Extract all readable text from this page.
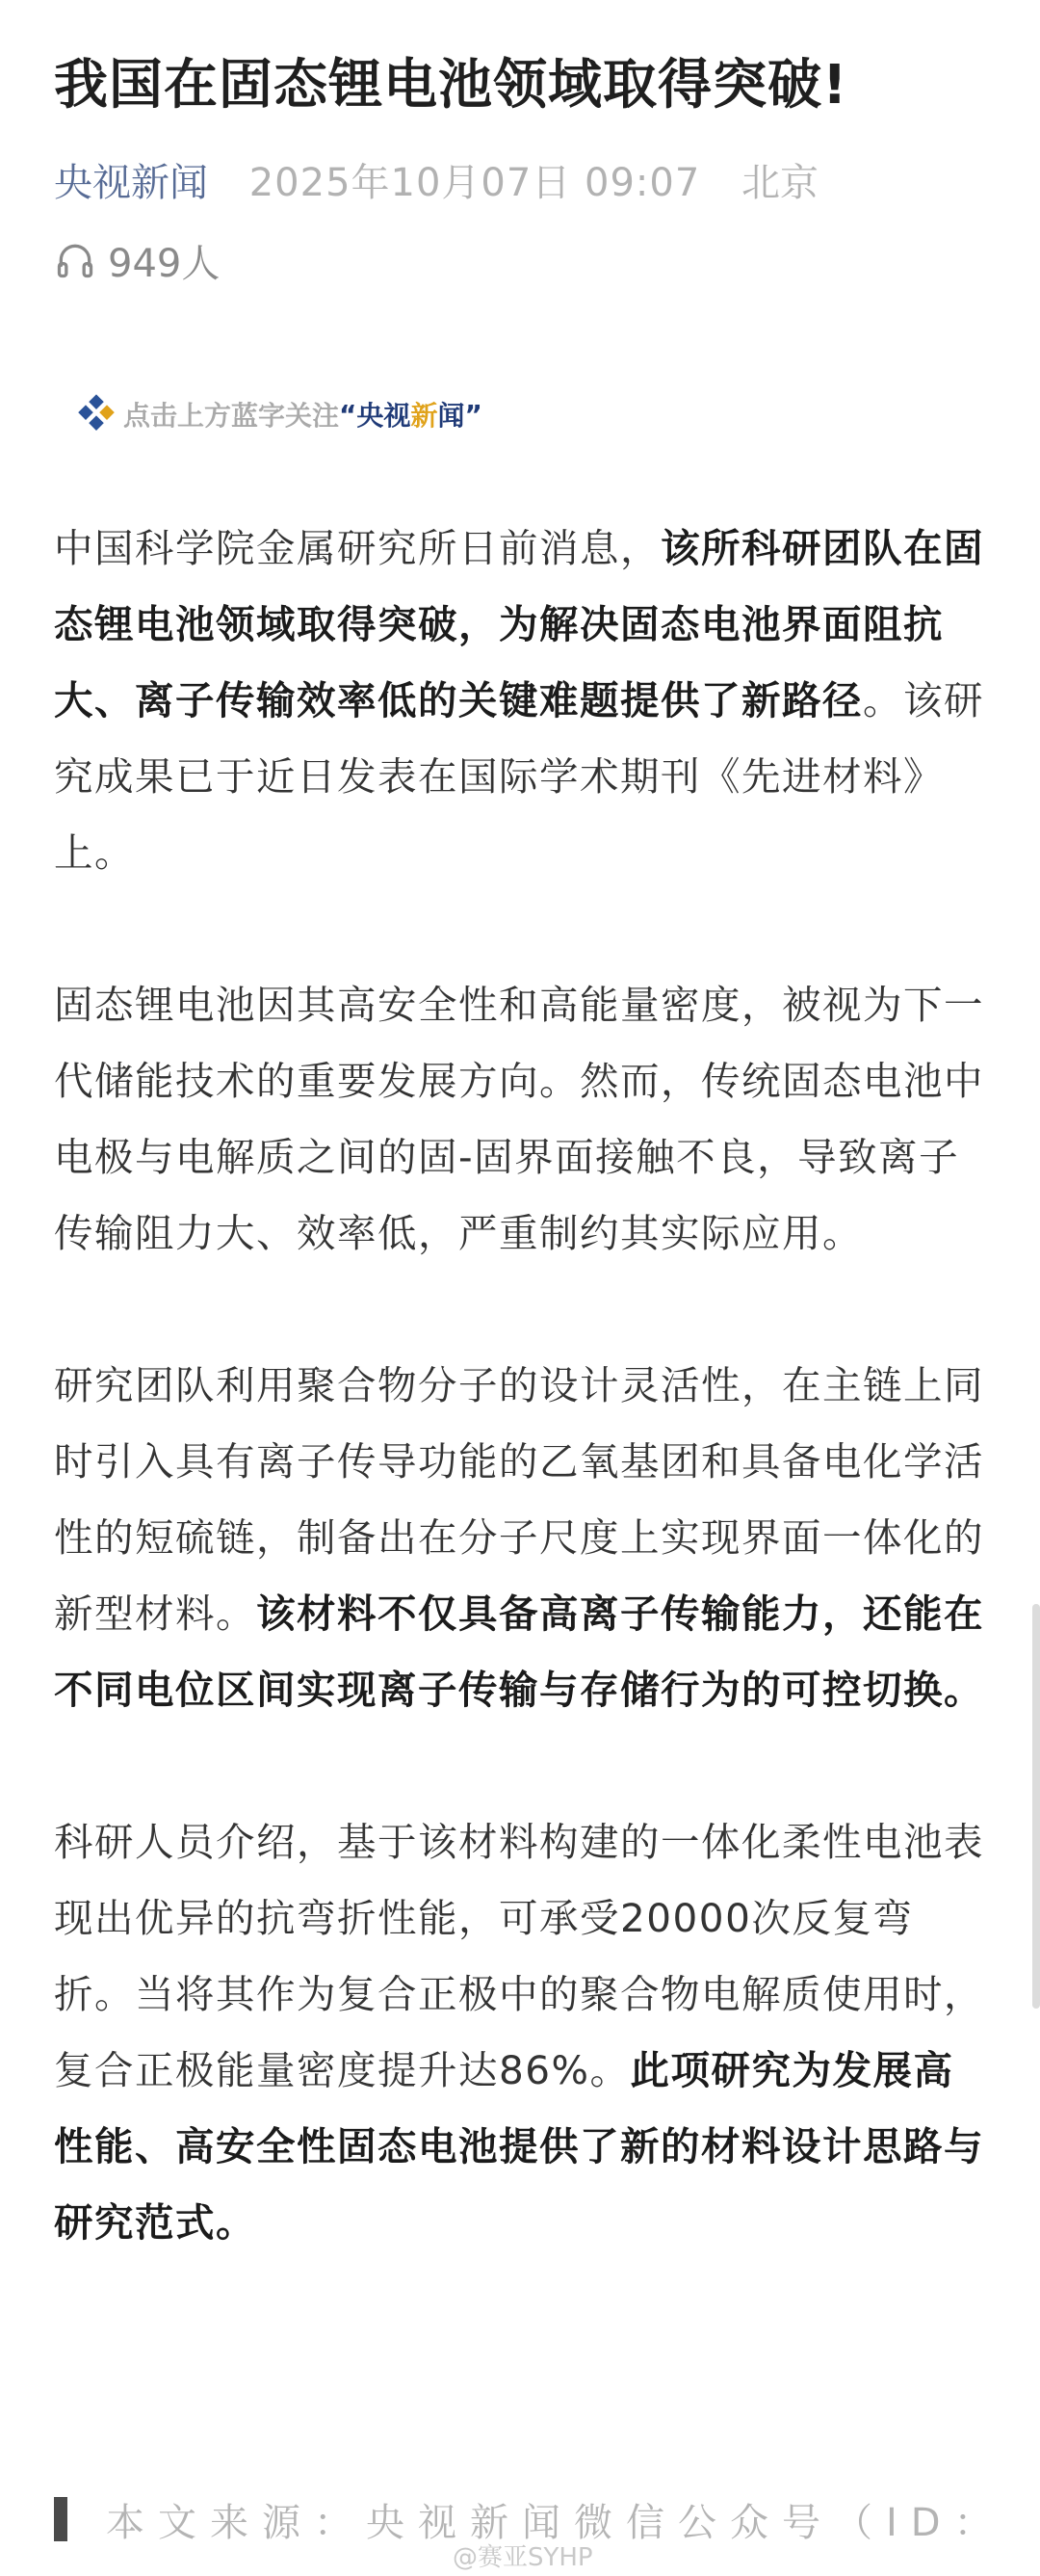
我国在固态锂电池领域取得突破!
央视新闻 2025年10月07日 09:07 北京
949人
点击上方蓝字关注 “ 央视新闻 ”

中国科学院金属研究所日前消息，该所科研团队在固态锂电池领域取得突破，为解决固态电池界面阻抗大、离子传输效率低的关键难题提供了新路径。该研究成果已于近日发表在国际学术期刊《先进材料》上。

固态锂电池因其高安全性和高能量密度，被视为下一代储能技术的重要发展方向。然而，传统固态电池中电极与电解质之间的固-固界面接触不良，导致离子传输阻力大、效率低，严重制约其实际应用。

研究团队利用聚合物分子的设计灵活性，在主链上同时引入具有离子传导功能的乙氧基团和具备电化学活性的短硫链，制备出在分子尺度上实现界面一体化的新型材料。该材料不仅具备高离子传输能力，还能在不同电位区间实现离子传输与存储行为的可控切换。

科研人员介绍，基于该材料构建的一体化柔性电池表现出优异的抗弯折性能，可承受20000次反复弯折。当将其作为复合正极中的聚合物电解质使用时，复合正极能量密度提升达86%。此项研究为发展高性能、高安全性固态电池提供了新的材料设计思路与研究范式。

本文来源：央视新闻微信公众号（ID：
@赛亚SYHP
